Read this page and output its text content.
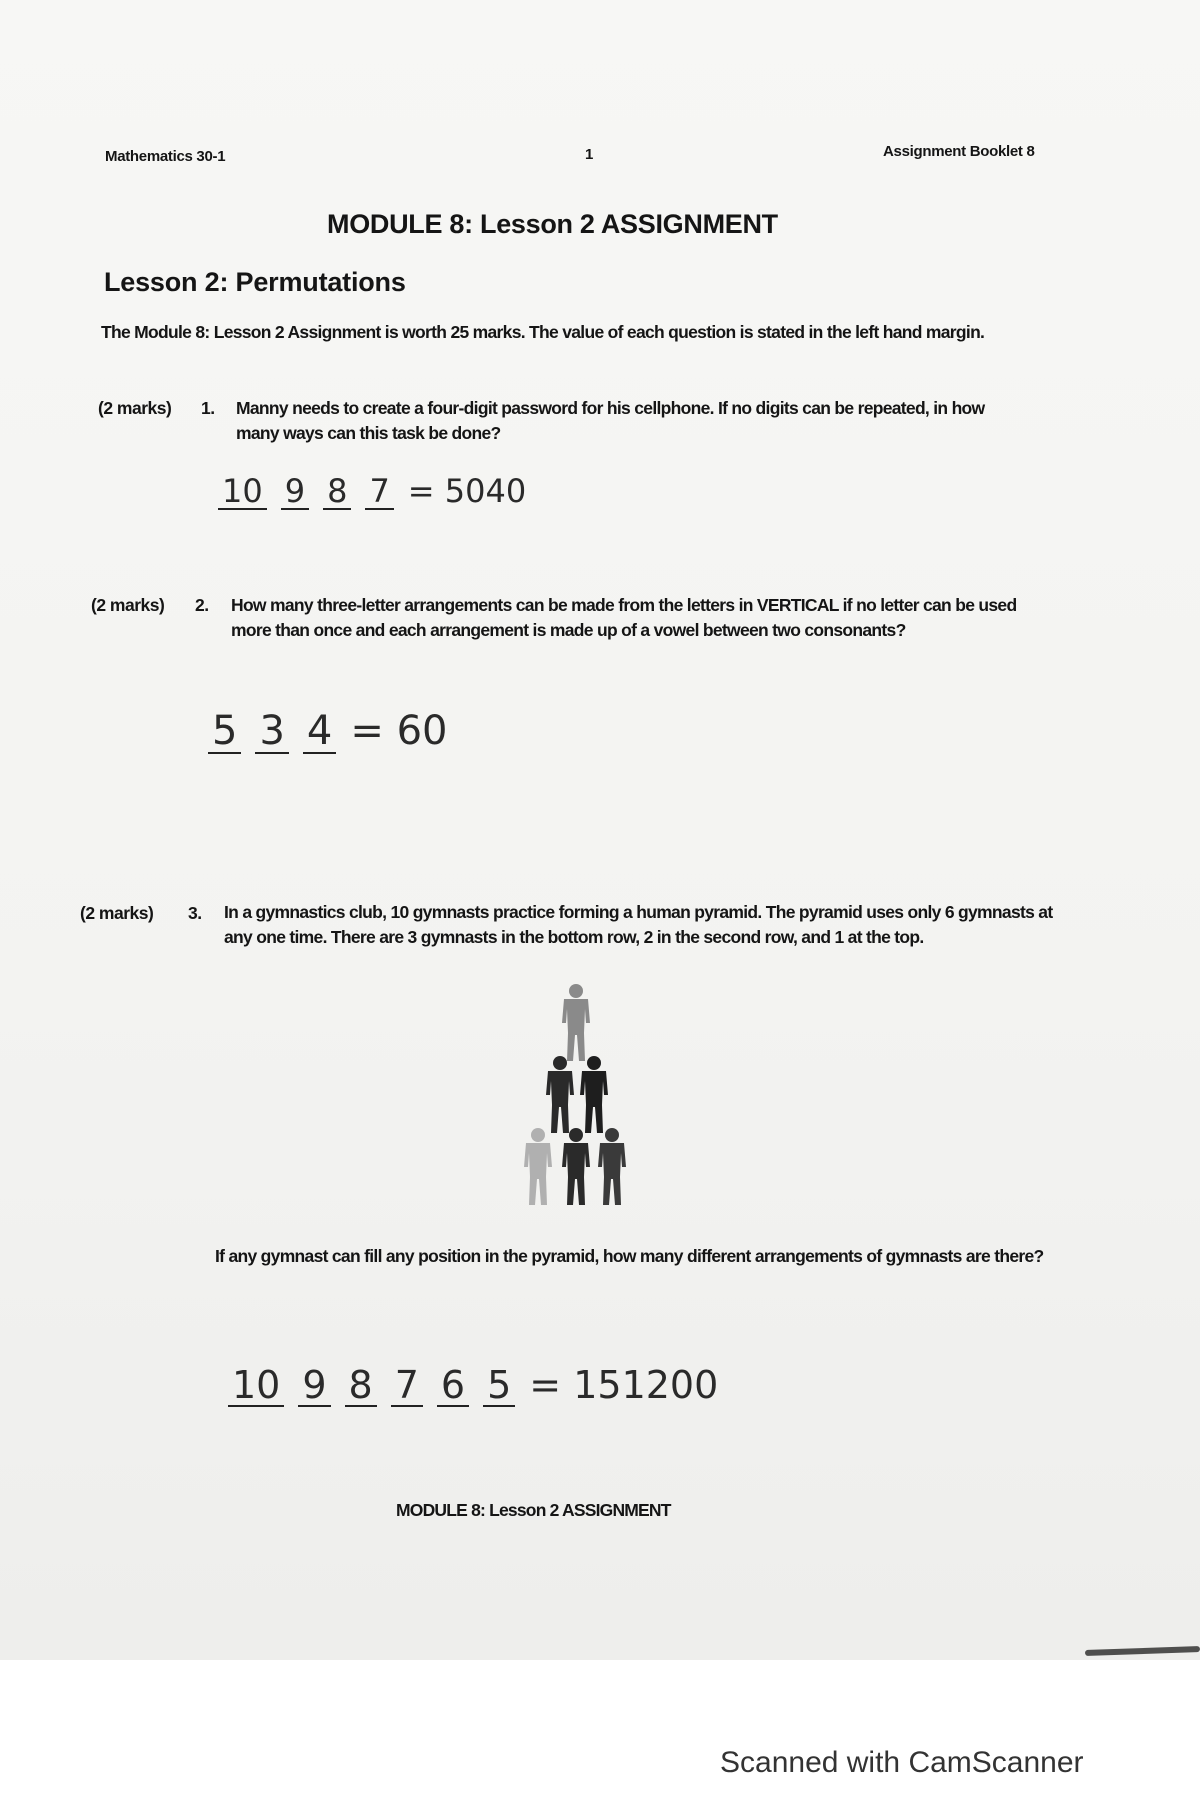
Mathematics 30-1	1	Assignment Booklet 8
MODULE 8: Lesson 2 ASSIGNMENT
Lesson 2: Permutations
The Module 8: Lesson 2 Assignment is worth 25 marks. The value of each question is stated in the left hand margin.
(2 marks) 1. Manny needs to create a four-digit password for his cellphone. If no digits can be repeated, in how many ways can this task be done?
10 9 8 7 = 5040
(2 marks) 2. How many three-letter arrangements can be made from the letters in VERTICAL if no letter can be used more than once and each arrangement is made up of a vowel between two consonants?
5 3 4 = 60
(2 marks) 3. In a gymnastics club, 10 gymnasts practice forming a human pyramid. The pyramid uses only 6 gymnasts at any one time. There are 3 gymnasts in the bottom row, 2 in the second row, and 1 at the top.
If any gymnast can fill any position in the pyramid, how many different arrangements of gymnasts are there?
10 9 8 7 6 5 = 151200
MODULE 8: Lesson 2 ASSIGNMENT
Scanned with CamScanner
